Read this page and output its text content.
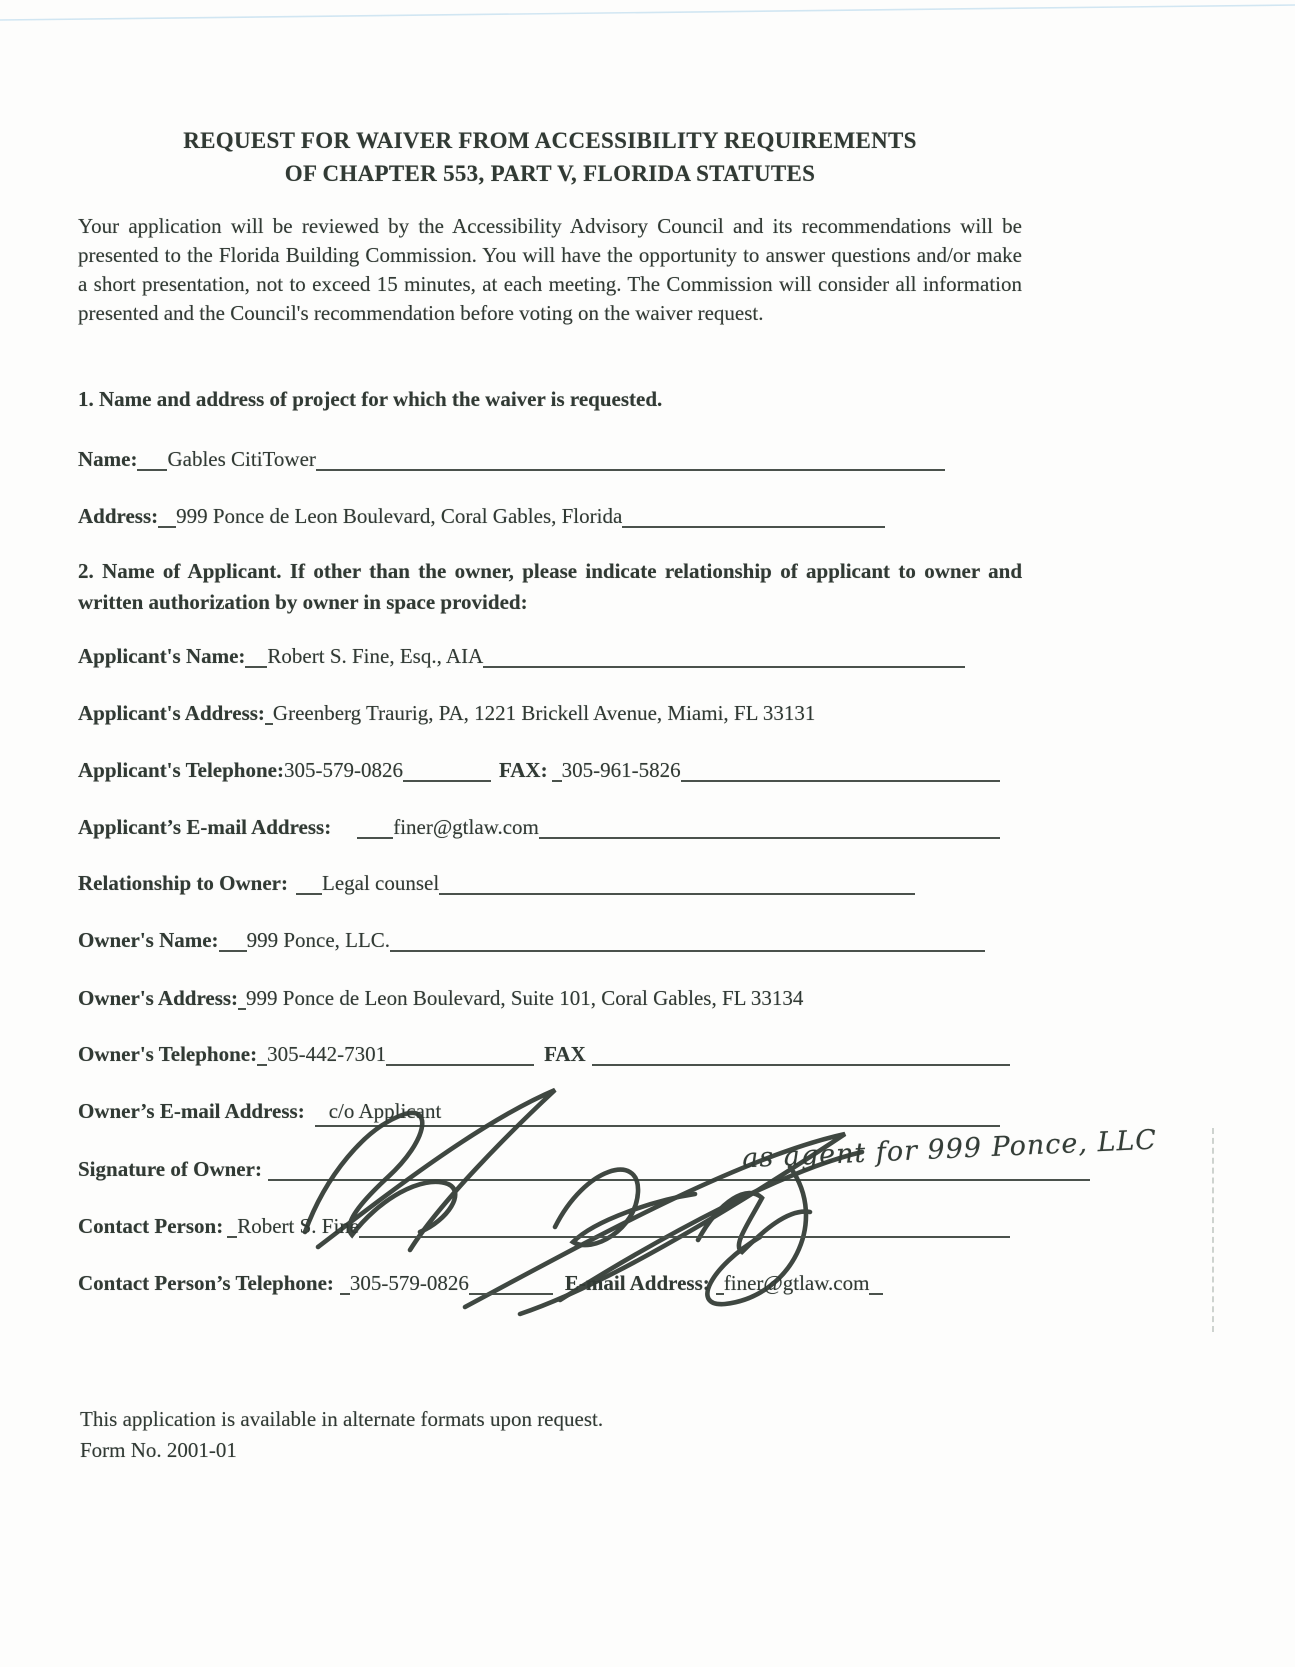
REQUEST FOR WAIVER FROM ACCESSIBILITY REQUIREMENTS
OF CHAPTER 553, PART V, FLORIDA STATUTES
Your application will be reviewed by the Accessibility Advisory Council and its recommendations will be presented to the Florida Building Commission. You will have the opportunity to answer questions and/or make a short presentation, not to exceed 15 minutes, at each meeting. The Commission will consider all information presented and the Council's recommendation before voting on the waiver request.
1. Name and address of project for which the waiver is requested.
Name: Gables CitiTower
Address: 999 Ponce de Leon Boulevard, Coral Gables, Florida
2. Name of Applicant. If other than the owner, please indicate relationship of applicant to owner and written authorization by owner in space provided:
Applicant's Name: Robert S. Fine, Esq., AIA
Applicant's Address: Greenberg Traurig, PA, 1221 Brickell Avenue, Miami, FL 33131
Applicant's Telephone: 305-579-0826	FAX: 305-961-5826
Applicant’s E-mail Address:	finer@gtlaw.com
Relationship to Owner: Legal counsel
Owner's Name: 999 Ponce, LLC.
Owner's Address: 999 Ponce de Leon Boulevard, Suite 101, Coral Gables, FL 33134
Owner's Telephone: 305-442-7301	FAX
Owner’s E-mail Address:	c/o Applicant
Signature of Owner:	as agent for 999 Ponce, LLC
Contact Person: Robert S. Fine
Contact Person’s Telephone: 305-579-0826	E-mail Address: finer@gtlaw.com
This application is available in alternate formats upon request.
Form No. 2001-01
